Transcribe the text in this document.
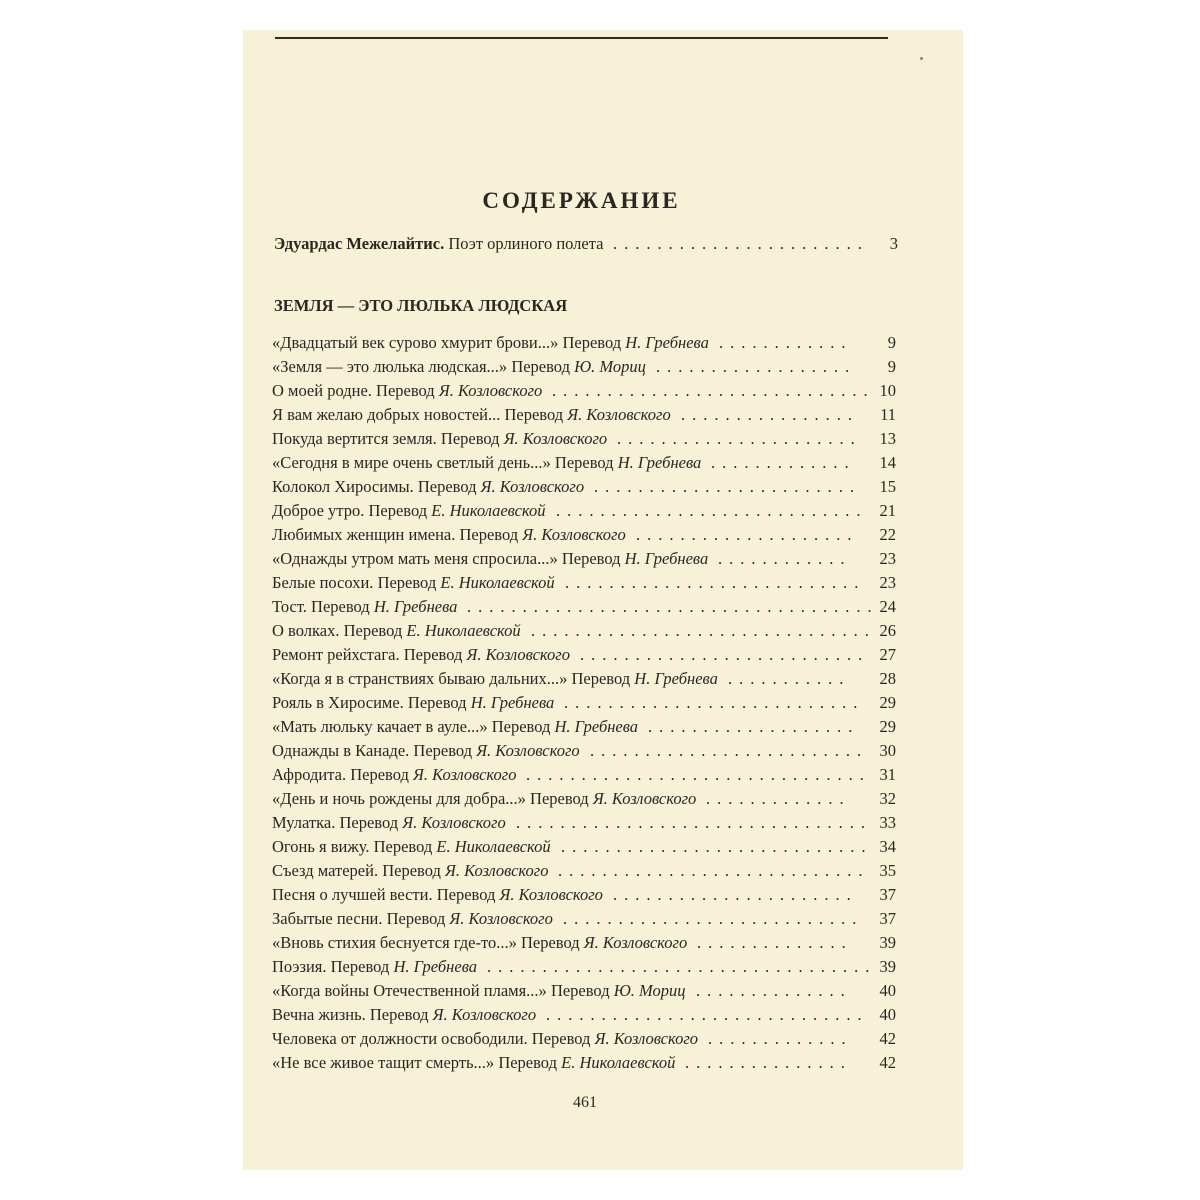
СОДЕРЖАНИЕ
Эдуардас Межелайтис. Поэт орлиного полета .......................	3
ЗЕМЛЯ — ЭТО ЛЮЛЬКА ЛЮДСКАЯ
«Двадцатый век сурово хмурит брови...» Перевод Н. Гребнева ............	9
«Земля — это люлька людская...» Перевод Ю. Мориц ..................	9
О моей родне. Перевод Я. Козловского ............................. 10
Я вам желаю добрых новостей... Перевод Я. Козловского ................	11
Покуда вертится земля. Перевод Я. Козловского ......................	13
«Сегодня в мире очень светлый день...» Перевод Н. Гребнева .............	14
Колокол Хиросимы. Перевод Я. Козловского ........................	15
Доброе утро. Перевод Е. Николаевской ............................ 21
Любимых женщин имена. Перевод Я. Козловского ....................	22
«Однажды утром мать меня спросила...» Перевод Н. Гребнева ............	23
Белые посохи. Перевод Е. Николаевской ........................... 23
Тост. Перевод Н. Гребнева ..................................... 24
О волках. Перевод Е. Николаевской ............................... 26
Ремонт рейхстага. Перевод Я. Козловского .......................... 27
«Когда я в странствиях бываю дальних...» Перевод Н. Гребнева ...........	28
Рояль в Хиросиме. Перевод Н. Гребнева ........................... 29
«Мать люльку качает в ауле...» Перевод Н. Гребнева ...................	29
Однажды в Канаде. Перевод Я. Козловского ......................... 30
Афродита. Перевод Я. Козловского ............................... 31
«День и ночь рождены для добра...» Перевод Я. Козловского .............	32
Мулатка. Перевод Я. Козловского ................................ 33
Огонь я вижу. Перевод Е. Николаевской ............................ 34
Съезд матерей. Перевод Я. Козловского ............................ 35
Песня о лучшей вести. Перевод Я. Козловского ......................	37
Забытые песни. Перевод Я. Козловского ........................... 37
«Вновь стихия беснуется где-то...» Перевод Я. Козловского ..............	39
Поэзия. Перевод Н. Гребнева ................................... 39
«Когда войны Отечественной пламя...» Перевод Ю. Мориц ..............	40
Вечна жизнь. Перевод Я. Козловского ............................. 40
Человека от должности освободили. Перевод Я. Козловского .............	42
«Не все живое тащит смерть...» Перевод Е. Николаевской ...............	42
461
